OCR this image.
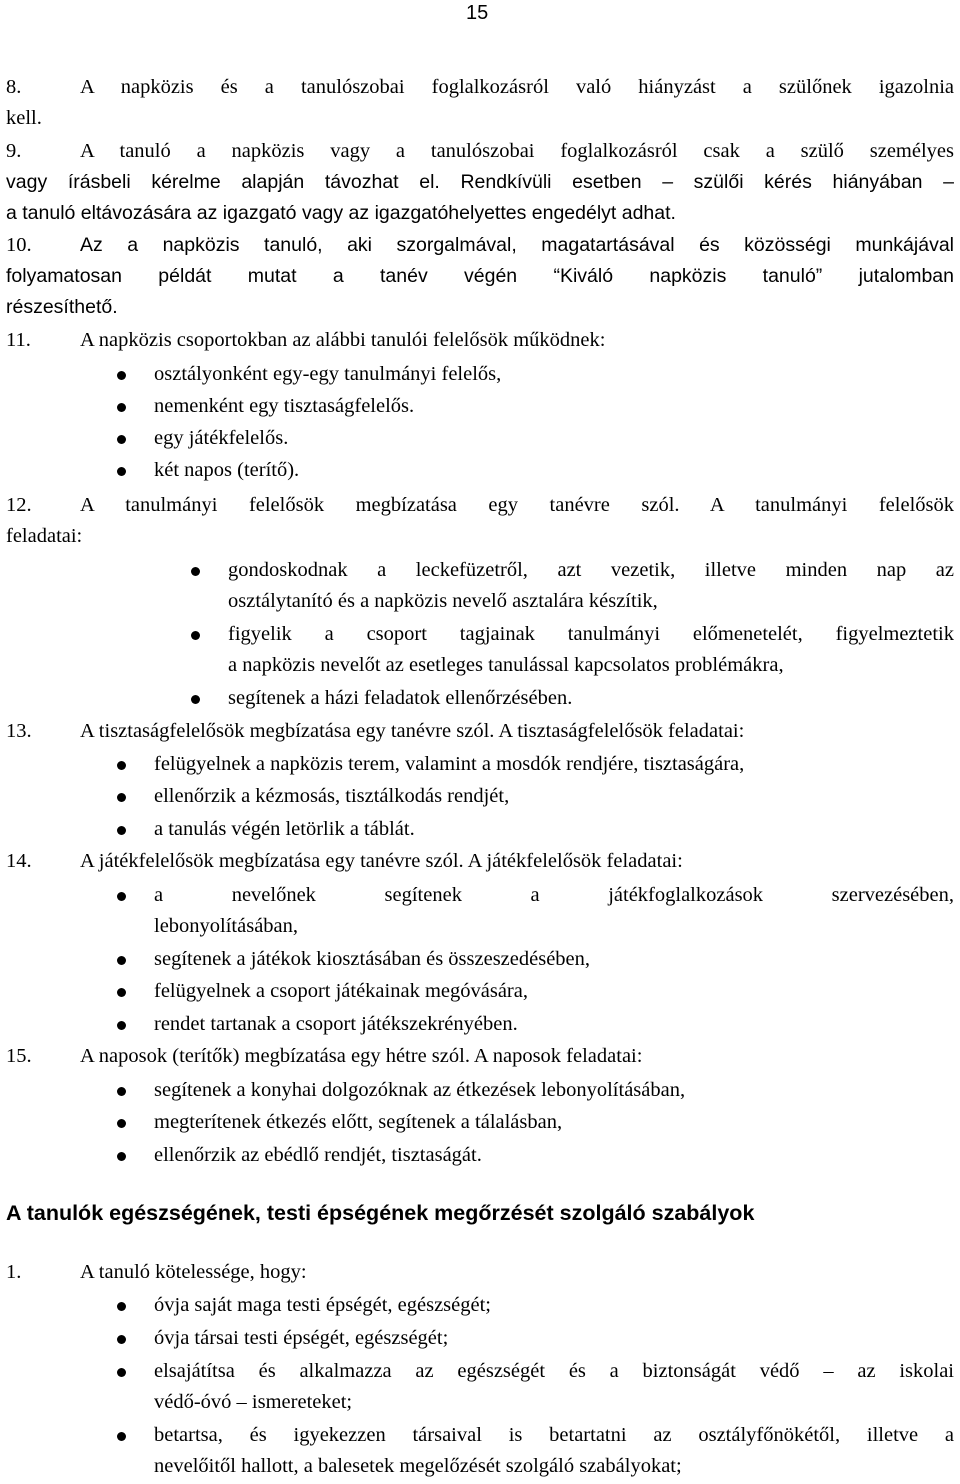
15
8.	A napközis és a tanulószobai foglalkozásról való hiányzást a szülőnek igazolnia
kell.
9.	A tanuló a napközis vagy a tanulószobai foglalkozásról csak a szülő személyes
vagy írásbeli kérelme alapján távozhat el. Rendkívüli esetben – szülői kérés hiányában –
a tanuló eltávozására az igazgató vagy az igazgatóhelyettes engedélyt adhat.
10. Az a napközis tanuló, aki szorgalmával, magatartásával és közösségi munkájával
folyamatosan példát mutat a tanév végén “Kiváló napközis tanuló” jutalomban
részesíthető.
11. A napközis csoportokban az alábbi tanulói felelősök működnek:
osztályonként egy-egy tanulmányi felelős,
nemenként egy tisztaságfelelős.
egy játékfelelős.
két napos (terítő).
12. A tanulmányi felelősök megbízatása egy tanévre szól. A tanulmányi felelősök
feladatai:
gondoskodnak a leckefüzetről, azt vezetik, illetve minden nap az
osztálytanító és a napközis nevelő asztalára készítik,
figyelik a csoport tagjainak tanulmányi előmenetelét, figyelmeztetik
a napközis nevelőt az esetleges tanulással kapcsolatos problémákra,
segítenek a házi feladatok ellenőrzésében.
13. A tisztaságfelelősök megbízatása egy tanévre szól. A tisztaságfelelősök feladatai:
felügyelnek a napközis terem, valamint a mosdók rendjére, tisztaságára,
ellenőrzik a kézmosás, tisztálkodás rendjét,
a tanulás végén letörlik a táblát.
14. A játékfelelősök megbízatása egy tanévre szól. A játékfelelősök feladatai:
a nevelőnek segítenek a játékfoglalkozások szervezésében,
lebonyolításában,
segítenek a játékok kiosztásában és összeszedésében,
felügyelnek a csoport játékainak megóvására,
rendet tartanak a csoport játékszekrényében.
15. A naposok (terítők) megbízatása egy hétre szól. A naposok feladatai:
segítenek a konyhai dolgozóknak az étkezések lebonyolításában,
megterítenek étkezés előtt, segítenek a tálalásban,
ellenőrzik az ebédlő rendjét, tisztaságát.
A tanulók egészségének, testi épségének megőrzését szolgáló szabályok
1.	A tanuló kötelessége, hogy:
óvja saját maga testi épségét, egészségét;
óvja társai testi épségét, egészségét;
elsajátítsa és alkalmazza az egészségét és a biztonságát védő – az iskolai
védő-óvó – ismereteket;
betartsa, és igyekezzen társaival is betartatni az osztályfőnökétől, illetve a
nevelőitől hallott, a balesetek megelőzését szolgáló szabályokat;
